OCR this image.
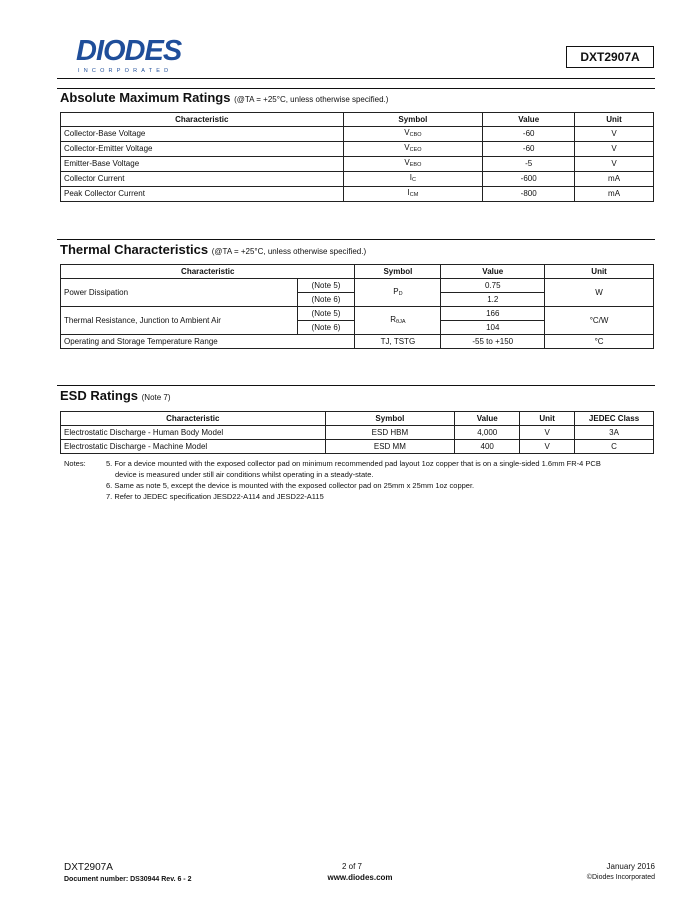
DIODES
INCORPORATED
DXT2907A
Absolute Maximum Ratings (@TA = +25°C, unless otherwise specified.)
Characteristic	Symbol	Value	Unit
Collector-Base Voltage	VCBO	-60	V
Collector-Emitter Voltage	VCEO	-60	V
Emitter-Base Voltage	VEBO	-5	V
Collector Current	IC	-600	mA
Peak Collector Current	ICM	-800	mA
Thermal Characteristics (@TA = +25°C, unless otherwise specified.)
Characteristic		Symbol	Value	Unit
Power Dissipation	(Note 5)	PD	0.75	W
	(Note 6)		1.2	
Thermal Resistance, Junction to Ambient Air	(Note 5)	RθJA	166	°C/W
	(Note 6)		104	
Operating and Storage Temperature Range		TJ, TSTG	-55 to +150	°C
ESD Ratings (Note 7)
Characteristic	Symbol	Value	Unit	JEDEC Class
Electrostatic Discharge - Human Body Model	ESD HBM	4,000	V	3A
Electrostatic Discharge - Machine Model	ESD MM	400	V	C
Notes:	5. For a device mounted with the exposed collector pad on minimum recommended pad layout 1oz copper that is on a single-sided 1.6mm FR-4 PCB
device is measured under still air conditions whilst operating in a steady-state.
6. Same as note 5, except the device is mounted with the exposed collector pad on 25mm x 25mm 1oz copper.
7. Refer to JEDEC specification JESD22-A114 and JESD22-A115
DXT2907A
Document number: DS30944 Rev. 6 - 2
2 of 7
www.diodes.com
January 2016
©Diodes Incorporated
